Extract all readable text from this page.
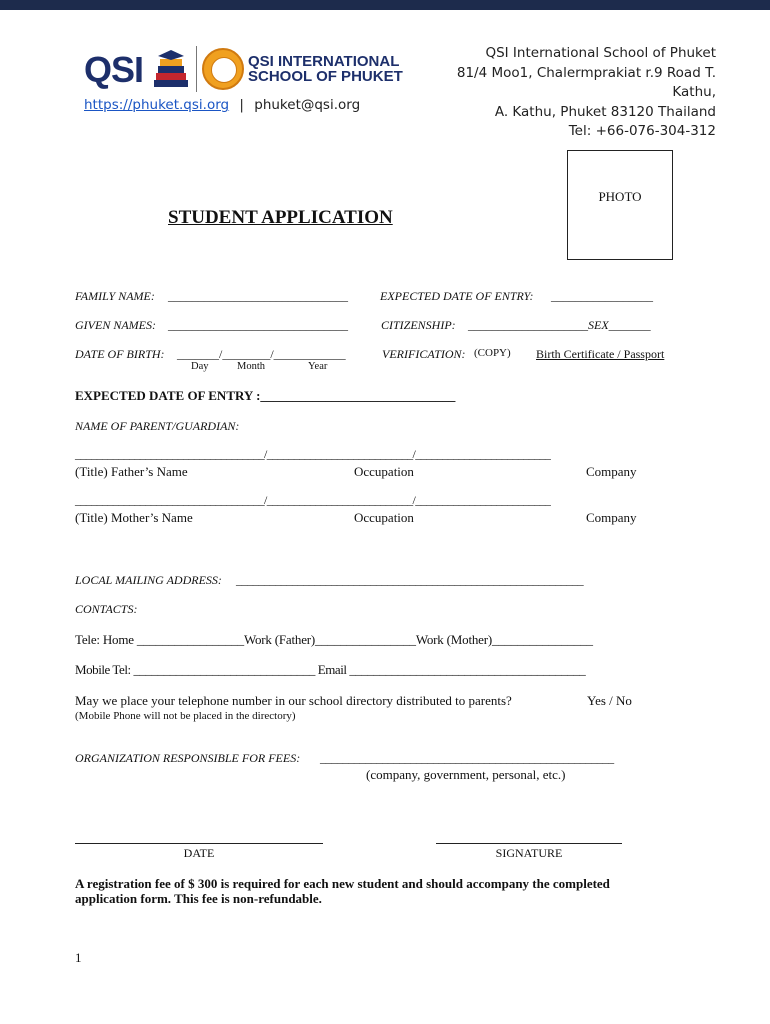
QSI	QSI INTERNATIONAL
SCHOOL OF PHUKET
https://phuket.qsi.org | phuket@qsi.org
QSI International School of Phuket
81/4 Moo1, Chalermprakiat r.9 Road T.
Kathu,
A. Kathu, Phuket 83120 Thailand
Tel: +66-076-304-312
PHOTO
STUDENT APPLICATION
FAMILY NAME: ______________________________	EXPECTED DATE OF ENTRY: _________________
GIVEN NAMES: ______________________________	CITIZENSHIP: ____________________SEX_______
DATE OF BIRTH: _______/________/____________
Day	Month	Year
VERIFICATION: (COPY) Birth Certificate / Passport
EXPECTED DATE OF ENTRY :______________________________
NAME OF PARENT/GUARDIAN:
___________________________________/___________________________/_________________________
(Title) Father’s Name	Occupation	Company
___________________________________/___________________________/_________________________
(Title) Mother’s Name	Occupation	Company
LOCAL MAILING ADDRESS: ______________________________________________________________
CONTACTS:
Tele: Home _________________Work (Father)________________Work (Mother)________________
Mobile Tel: ______________________________ Email _______________________________________
May we place your telephone number in our school directory distributed to parents?	Yes / No
(Mobile Phone will not be placed in the directory)
ORGANIZATION RESPONSIBLE FOR FEES: ____________________________________________________
(company, government, personal, etc.)
DATE	SIGNATURE
A registration fee of $ 300 is required for each new student and should accompany the completed
application form. This fee is non-refundable.
1
